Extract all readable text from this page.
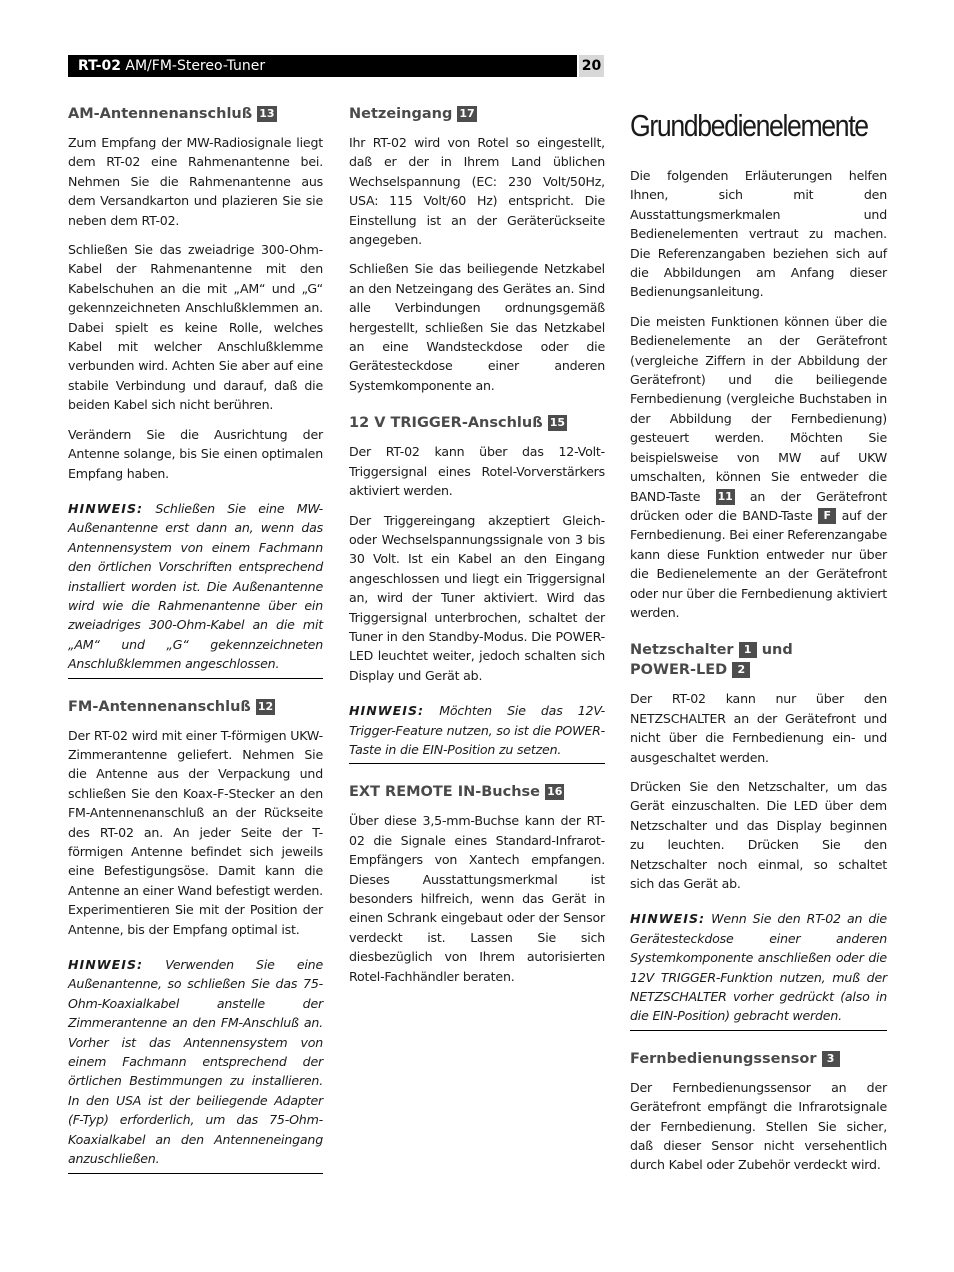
RT-02 AM/FM-Stereo-Tuner	20
AM-Antennenanschluß 13

Zum Empfang der MW-Radiosignale liegt dem RT-02 eine Rahmenantenne bei. Nehmen Sie die Rahmenantenne aus dem Versandkarton und plazieren Sie sie neben dem RT-02.

Schließen Sie das zweiadrige 300-Ohm-Kabel der Rahmenantenne mit den Kabelschuhen an die mit „AM“ und „G“ gekennzeichneten Anschlußklemmen an. Dabei spielt es keine Rolle, welches Kabel mit welcher Anschlußklemme verbunden wird. Achten Sie aber auf eine stabile Verbindung und darauf, daß die beiden Kabel sich nicht berühren.

Verändern Sie die Ausrichtung der Antenne solange, bis Sie einen optimalen Empfang haben.

HINWEIS: Schließen Sie eine MW-Außenantenne erst dann an, wenn das Antennensystem von einem Fachmann den örtlichen Vorschriften entsprechend installiert worden ist. Die Außenantenne wird wie die Rahmenantenne über ein zweiadriges 300-Ohm-Kabel an die mit „AM“ und „G“ gekennzeichneten Anschlußklemmen angeschlossen.

FM-Antennenanschluß 12

Der RT-02 wird mit einer T-förmigen UKW-Zimmerantenne geliefert. Nehmen Sie die Antenne aus der Verpackung und schließen Sie den Koax-F-Stecker an den FM-Antennenanschluß an der Rückseite des RT-02 an. An jeder Seite der T-förmigen Antenne befindet sich jeweils eine Befestigungsöse. Damit kann die Antenne an einer Wand befestigt werden. Experimentieren Sie mit der Position der Antenne, bis der Empfang optimal ist.

HINWEIS: Verwenden Sie eine Außenantenne, so schließen Sie das 75-Ohm-Koaxialkabel anstelle der Zimmerantenne an den FM-Anschluß an. Vorher ist das Antennensystem von einem Fachmann entsprechend der örtlichen Bestimmungen zu installieren. In den USA ist der beiliegende Adapter (F-Typ) erforderlich, um das 75-Ohm-Koaxialkabel an den Antenneneingang anzuschließen.

Netzeingang 17

Ihr RT-02 wird von Rotel so eingestellt, daß er der in Ihrem Land üblichen Wechselspannung (EC: 230 Volt/50Hz, USA: 115 Volt/60 Hz) entspricht. Die Einstellung ist an der Geräterückseite angegeben.

Schließen Sie das beiliegende Netzkabel an den Netzeingang des Gerätes an. Sind alle Verbindungen ordnungsgemäß hergestellt, schließen Sie das Netzkabel an eine Wandsteckdose oder die Gerätesteckdose einer anderen Systemkomponente an.

12 V TRIGGER-Anschluß 15

Der RT-02 kann über das 12-Volt-Triggersignal eines Rotel-Vorverstärkers aktiviert werden.

Der Triggereingang akzeptiert Gleich- oder Wechselspannungssignale von 3 bis 30 Volt. Ist ein Kabel an den Eingang angeschlossen und liegt ein Triggersignal an, wird der Tuner aktiviert. Wird das Triggersignal unterbrochen, schaltet der Tuner in den Standby-Modus. Die POWER-LED leuchtet weiter, jedoch schalten sich Display und Gerät ab.

HINWEIS: Möchten Sie das 12V-Trigger-Feature nutzen, so ist die POWER-Taste in die EIN-Position zu setzen.

EXT REMOTE IN-Buchse 16

Über diese 3,5-mm-Buchse kann der RT-02 die Signale eines Standard-Infrarot-Empfängers von Xantech empfangen. Dieses Ausstattungsmerkmal ist besonders hilfreich, wenn das Gerät in einen Schrank eingebaut oder der Sensor verdeckt ist. Lassen Sie sich diesbezüglich von Ihrem autorisierten Rotel-Fachhändler beraten.

Grundbedienelemente

Die folgenden Erläuterungen helfen Ihnen, sich mit den Ausstattungsmerkmalen und Bedienelementen vertraut zu machen. Die Referenzangaben beziehen sich auf die Abbildungen am Anfang dieser Bedienungsanleitung.

Die meisten Funktionen können über die Bedienelemente an der Gerätefront (vergleiche Ziffern in der Abbildung der Gerätefront) und die beiliegende Fernbedienung (vergleiche Buchstaben in der Abbildung der Fernbedienung) gesteuert werden. Möchten Sie beispielsweise von MW auf UKW umschalten, können Sie entweder die BAND-Taste 11 an der Gerätefront drücken oder die BAND-Taste F auf der Fernbedienung. Bei einer Referenzangabe kann diese Funktion entweder nur über die Bedienelemente an der Gerätefront oder nur über die Fernbedienung aktiviert werden.

Netzschalter 1 und
POWER-LED 2

Der RT-02 kann nur über den NETZSCHALTER an der Gerätefront und nicht über die Fernbedienung ein- und ausgeschaltet werden.

Drücken Sie den Netzschalter, um das Gerät einzuschalten. Die LED über dem Netzschalter und das Display beginnen zu leuchten. Drücken Sie den Netzschalter noch einmal, so schaltet sich das Gerät ab.

HINWEIS: Wenn Sie den RT-02 an die Gerätesteckdose einer anderen Systemkomponente anschließen oder die 12V TRIGGER-Funktion nutzen, muß der NETZSCHALTER vorher gedrückt (also in die EIN-Position) gebracht werden.

Fernbedienungssensor 3

Der Fernbedienungssensor an der Gerätefront empfängt die Infrarotsignale der Fernbedienung. Stellen Sie sicher, daß dieser Sensor nicht versehentlich durch Kabel oder Zubehör verdeckt wird.
